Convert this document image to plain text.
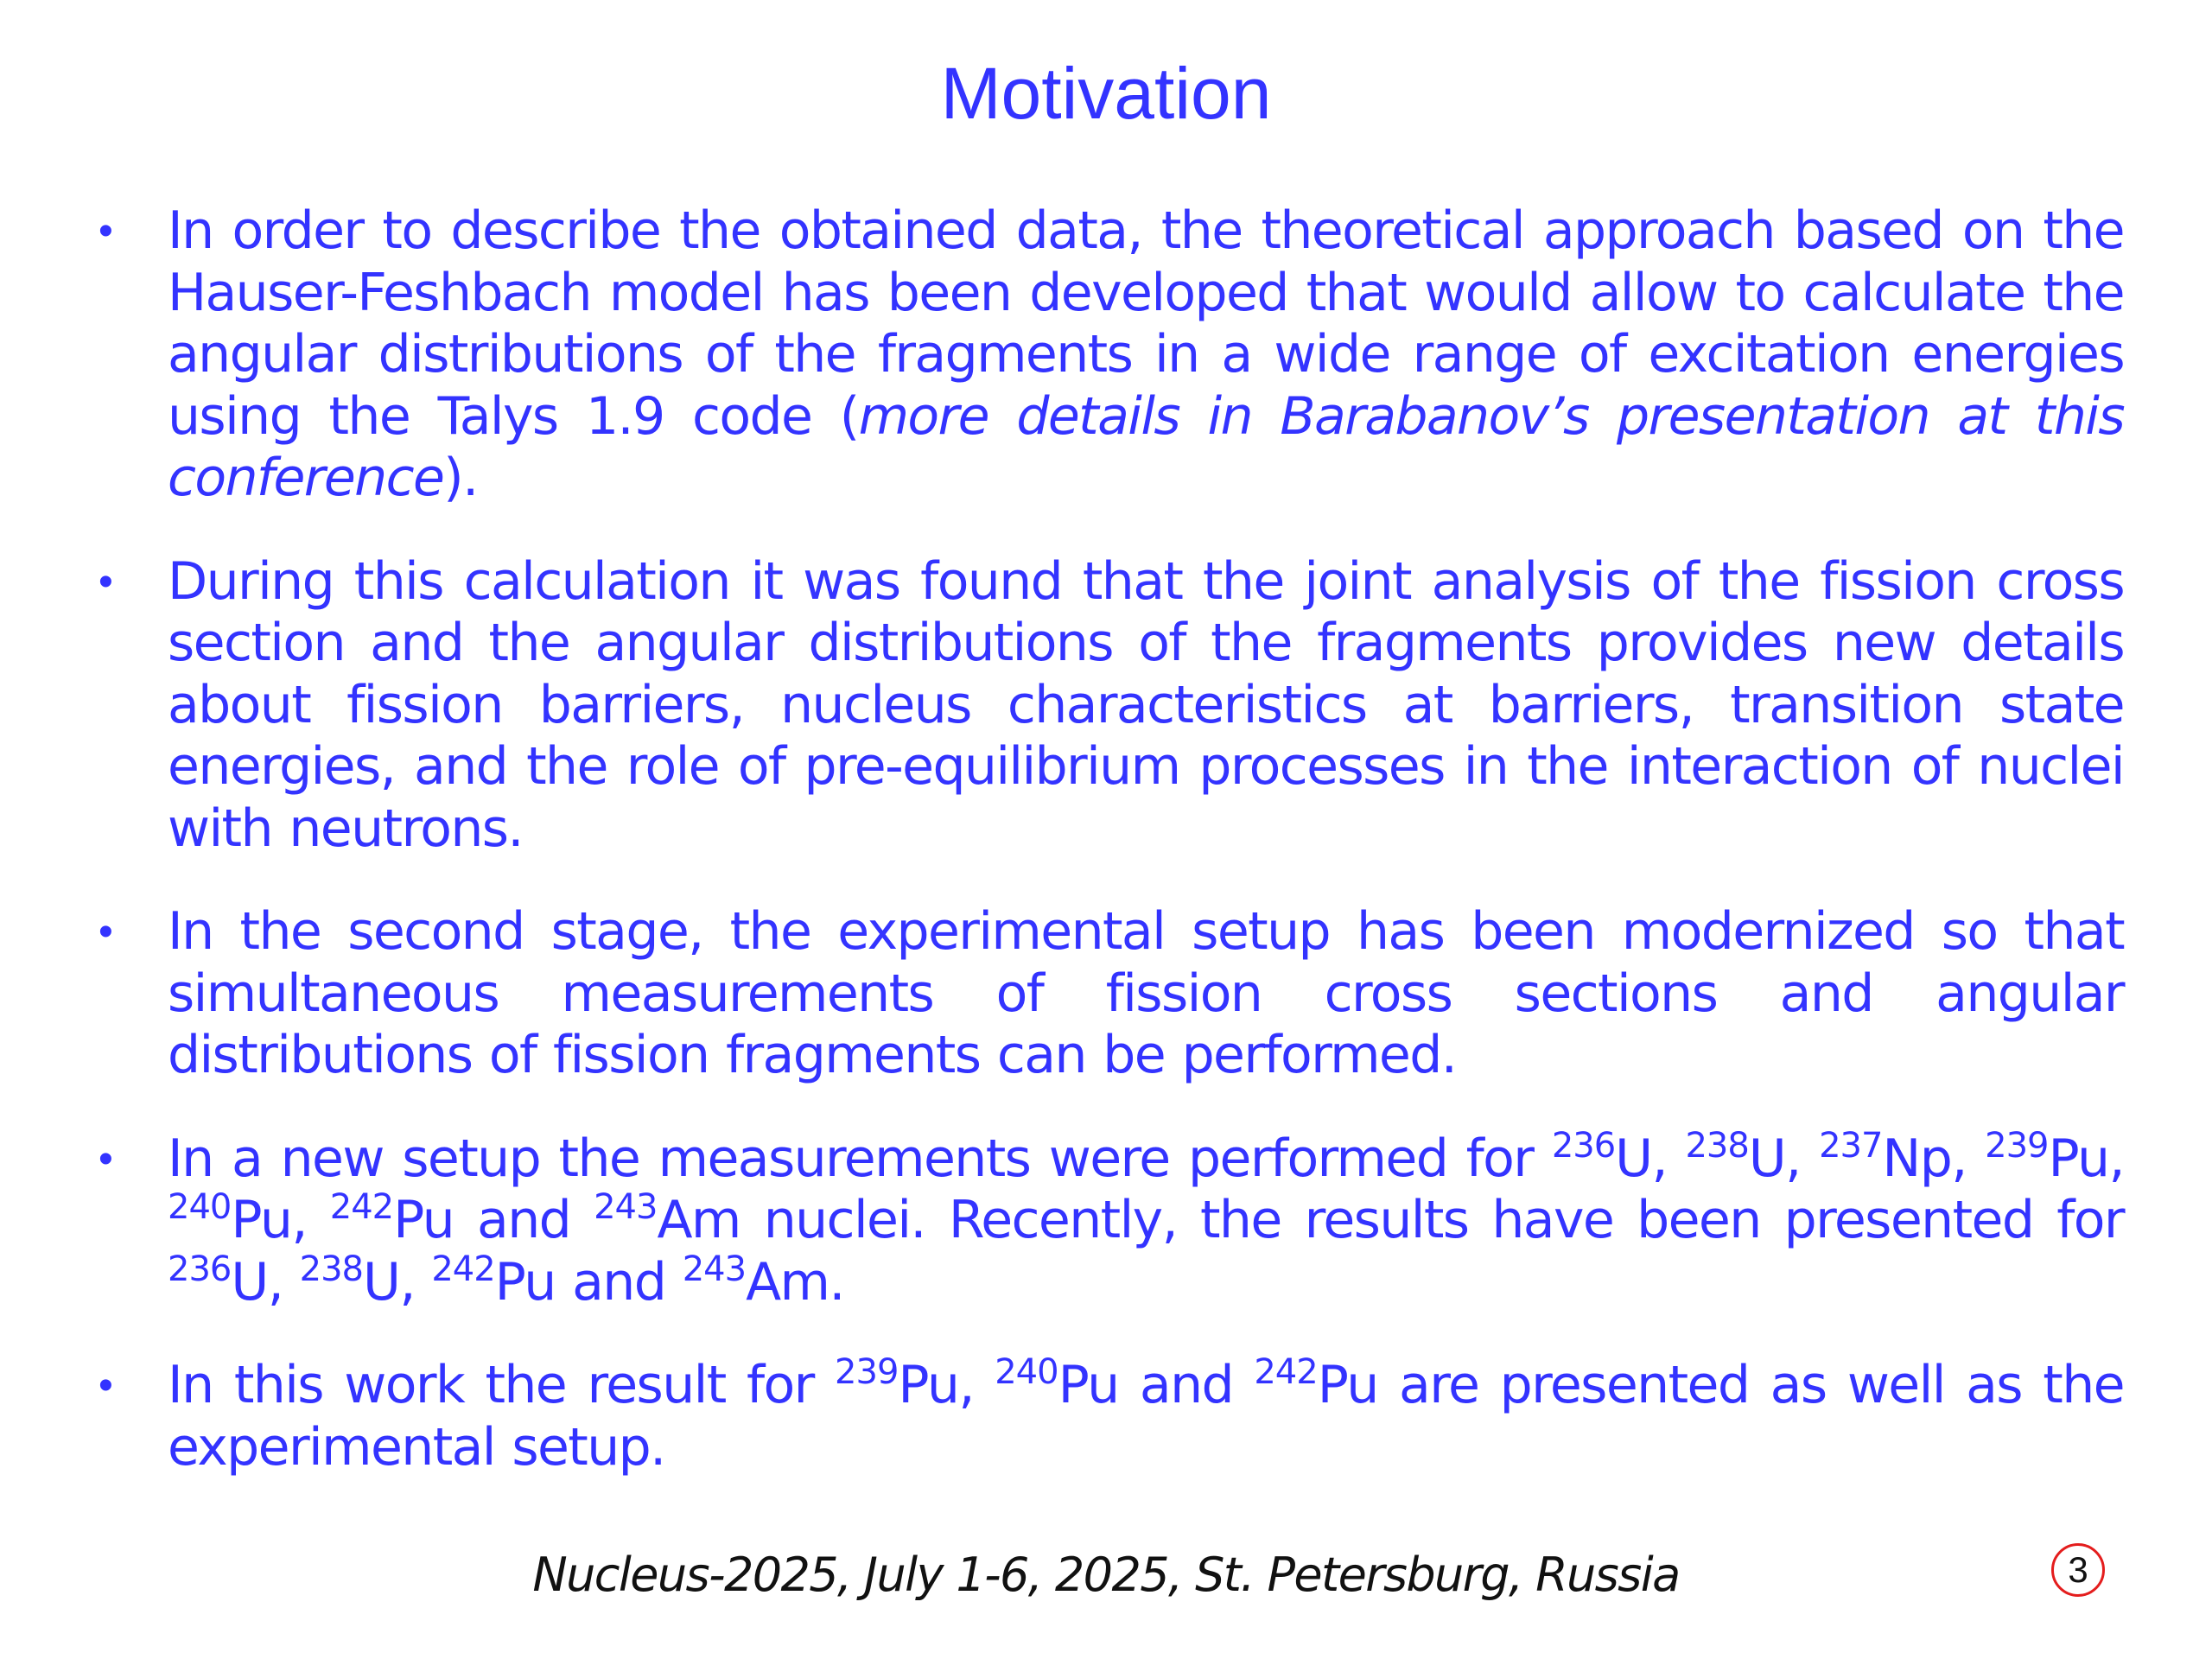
Motivation
• In order to describe the obtained data, the theoretical approach based on the Hauser-Feshbach model has been developed that would allow to calculate the angular distributions of the fragments in a wide range of excitation energies using the Talys 1.9 code (more details in Barabanov’s presentation at this conference).
• During this calculation it was found that the joint analysis of the fission cross section and the angular distributions of the fragments provides new details about fission barriers, nucleus characteristics at barriers, transition state energies, and the role of pre-equilibrium processes in the interaction of nuclei with neutrons.
• In the second stage, the experimental setup has been modernized so that simultaneous measurements of fission cross sections and angular distributions of fission fragments can be performed.
• In a new setup the measurements were performed for $^{236}$U, $^{238}$U, $^{237}$Np, $^{239}$Pu, $^{240}$Pu, $^{242}$Pu and $^{243}$Am nuclei. Recently, the results have been presented for $^{236}$U, $^{238}$U, $^{242}$Pu and $^{243}$Am.
• In this work the result for $^{239}$Pu, $^{240}$Pu and $^{242}$Pu are presented as well as the experimental setup.
Nucleus-2025, July 1-6, 2025, St. Petersburg, Russia	3
